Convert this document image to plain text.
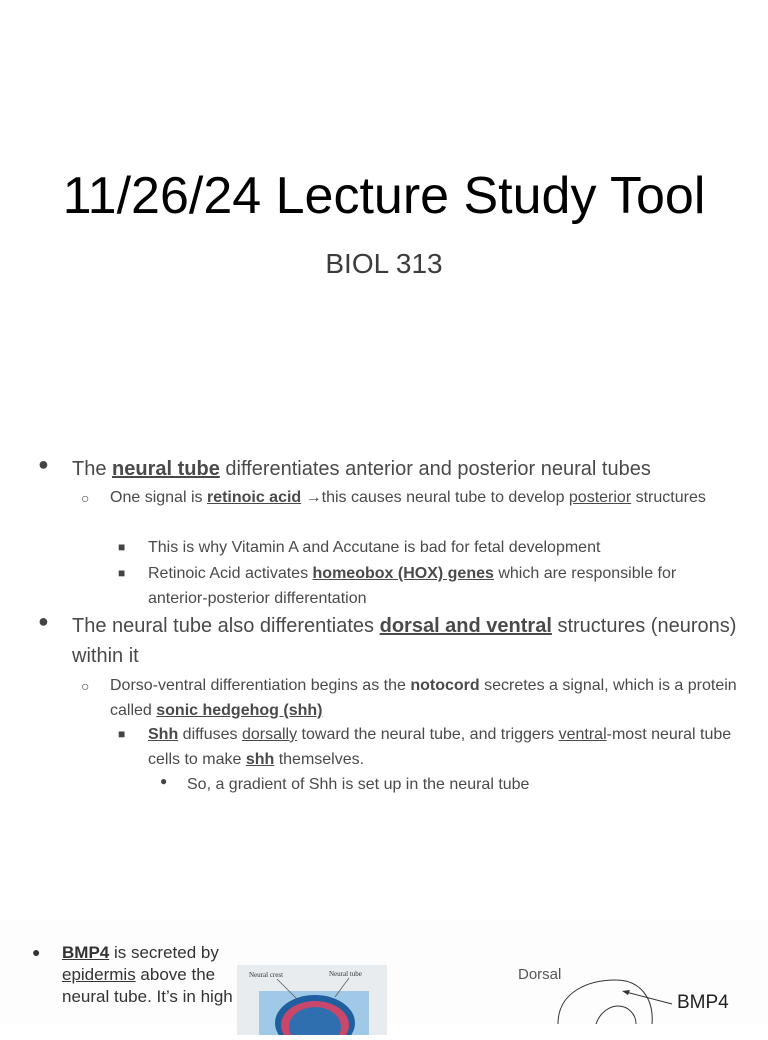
11/26/24 Lecture Study Tool
BIOL 313
● The neural tube differentiates anterior and posterior neural tubes

○ One signal is retinoic acid →this causes neural tube to develop posterior structures

■ This is why Vitamin A and Accutane is bad for fetal development

■ Retinoic Acid activates homeobox (HOX) genes which are responsible for anterior-posterior differentation

● The neural tube also differentiates dorsal and ventral structures (neurons) within it

○ Dorso-ventral differentiation begins as the notocord secretes a signal, which is a protein called sonic hedgehog (shh)

■ Shh diffuses dorsally toward the neural tube, and triggers ventral-most neural tube cells to make shh themselves.

● So, a gradient of Shh is set up in the neural tube

● BMP4 is secreted by epidermis above the neural tube. It’s in high

Neural crest	Neural tube	Dorsal
BMP4
